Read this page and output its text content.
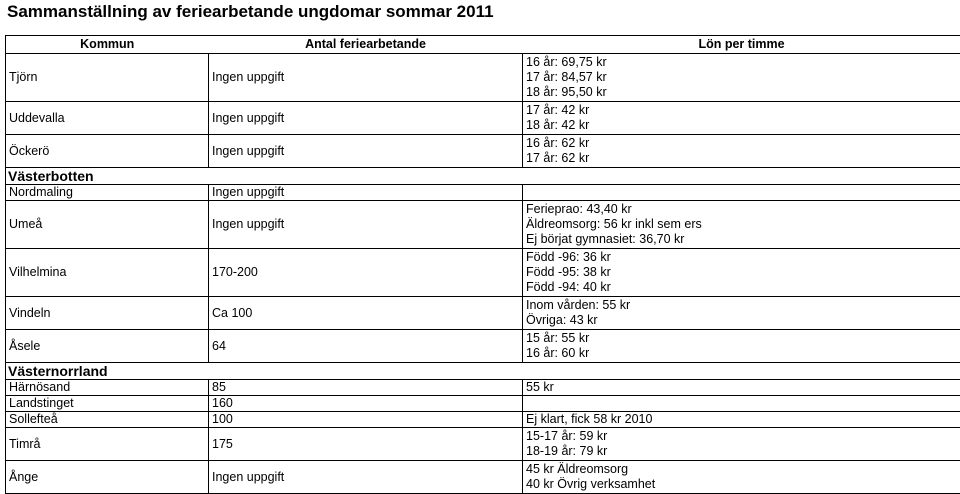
Sammanställning av feriearbetande ungdomar sommar 2011
Kommun	Antal feriearbetande	Lön per timme
Tjörn	Ingen uppgift	16 år: 69,75 kr
17 år: 84,57 kr
18 år: 95,50 kr

Uddevalla	Ingen uppgift	17 år: 42 kr
18 år: 42 kr

Öckerö	Ingen uppgift	16 år: 62 kr
17 år: 62 kr

Västerbotten		
Nordmaling	Ingen uppgift	

Umeå	Ingen uppgift	Ferieprao: 43,40 kr
Äldreomsorg: 56 kr inkl sem ers
Ej börjat gymnasiet: 36,70 kr

Vilhelmina	170-200	Född -96: 36 kr
Född -95: 38 kr
Född -94: 40 kr

Vindeln	Ca 100	Inom vården: 55 kr
Övriga: 43 kr

Åsele	64	15 år: 55 kr
16 år: 60 kr

Västernorrland		
Härnösand	85	55 kr

Landstinget	160	

Sollefteå	100	Ej klart, fick 58 kr 2010

Timrå	175	15-17 år: 59 kr
18-19 år: 79 kr

Ånge	Ingen uppgift	45 kr Äldreomsorg
40 kr Övrig verksamhet
